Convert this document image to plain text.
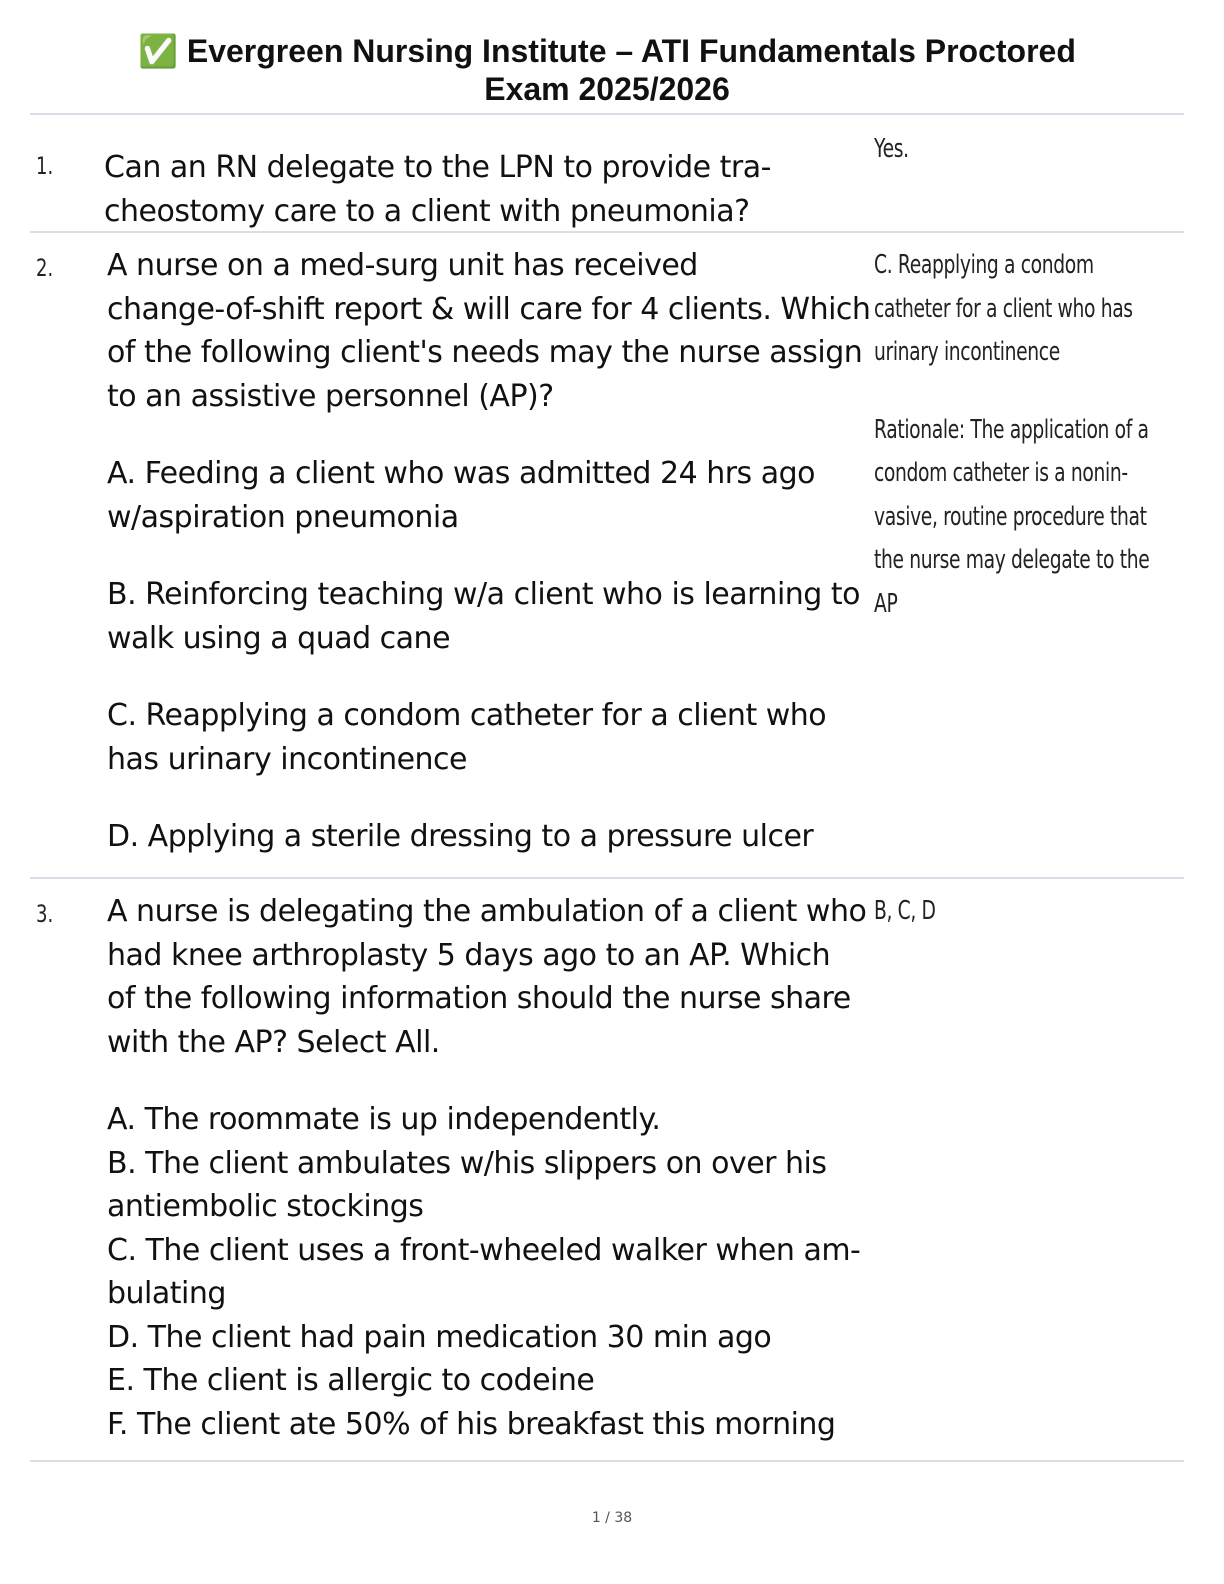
✅ Evergreen Nursing Institute – ATI Fundamentals Proctored
Exam 2025/2026
1. Can an RN delegate to the LPN to provide tra-
cheostomy care to a client with pneumonia?
Yes.
2. A nurse on a med-surg unit has received
change-of-shift report & will care for 4 clients. Which
of the following client's needs may the nurse assign
to an assistive personnel (AP)?
A. Feeding a client who was admitted 24 hrs ago
w/aspiration pneumonia
B. Reinforcing teaching w/a client who is learning to
walk using a quad cane
C. Reapplying a condom catheter for a client who
has urinary incontinence
D. Applying a sterile dressing to a pressure ulcer
C. Reapplying a condom
catheter for a client who has
urinary incontinence
Rationale: The application of a
condom catheter is a nonin-
vasive, routine procedure that
the nurse may delegate to the
AP
3. A nurse is delegating the ambulation of a client who
had knee arthroplasty 5 days ago to an AP. Which
of the following information should the nurse share
with the AP? Select All.
A. The roommate is up independently.
B. The client ambulates w/his slippers on over his
antiembolic stockings
C. The client uses a front-wheeled walker when am-
bulating
D. The client had pain medication 30 min ago
E. The client is allergic to codeine
F. The client ate 50% of his breakfast this morning
B, C, D
1 / 38
